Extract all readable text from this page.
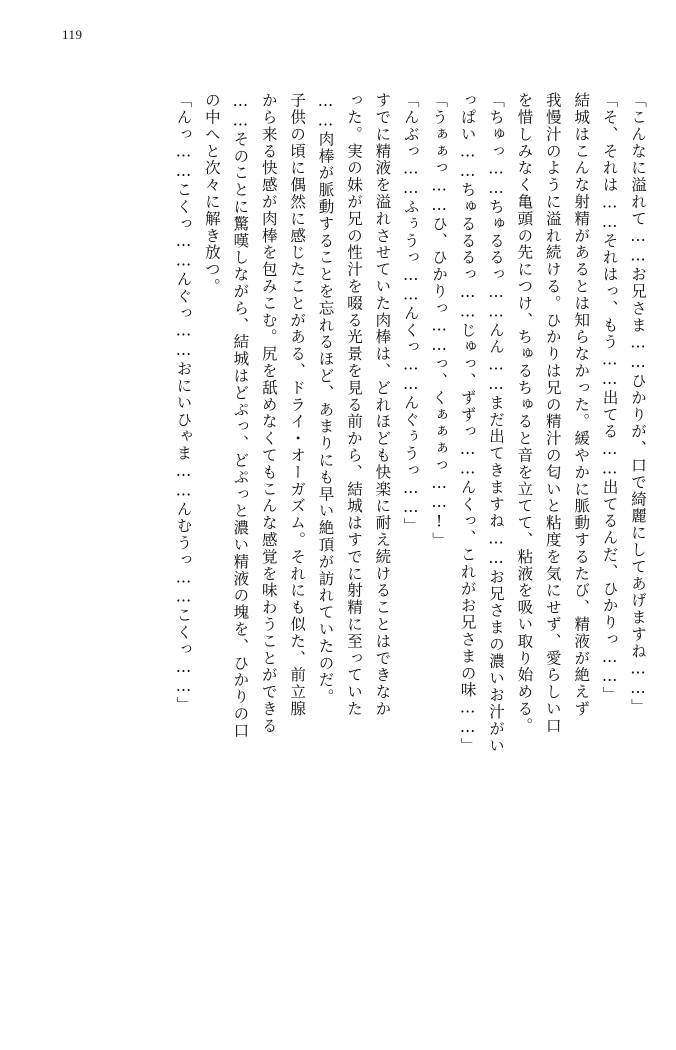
119
「こんなに溢れて……お兄さま……ひかりが、口で綺麗にしてあげますね……」
「そ、それは……それはっ、もう……出てる……出てるんだ、ひかりっ……」
結城はこんな射精があるとは知らなかった。緩やかに脈動するたび、精液が絶えず
我慢汁のように溢れ続ける。ひかりは兄の精汁の匂いと粘度を気にせず、愛らしい口
を惜しみなく亀頭の先につけ、ちゅるちゅると音を立てて、粘液を吸い取り始める。
「ちゅっ……ちゅるるっ……んん……まだ出てきますね……お兄さまの濃いお汁がい
っぱい……ちゅるるるっ……じゅっ、ずずっ……んくっ、これがお兄さまの味……」
「うぁぁっ……ひ、ひかりっ……っ、くぁぁぁっ……!」
「んぶっ……ふぅうっ……んくっ……んぐぅうっ……」
すでに精液を溢れさせていた肉棒は、どれほども快楽に耐え続けることはできなか
った。実の妹が兄の性汁を啜る光景を見る前から、結城はすでに射精に至っていた
……肉棒が脈動することを忘れるほど、あまりにも早い絶頂が訪れていたのだ。
子供の頃に偶然に感じたことがある、ドライ・オーガズム。それにも似た、前立腺
から来る快感が肉棒を包みこむ。尻を舐めなくてもこんな感覚を味わうことができる
……そのことに驚嘆しながら、結城はどぷっ、どぷっと濃い精液の塊を、ひかりの口
の中へと次々に解き放つ。
「んっ……こくっ……んぐっ……おにいひゃま……んむうっ……こくっ……」
